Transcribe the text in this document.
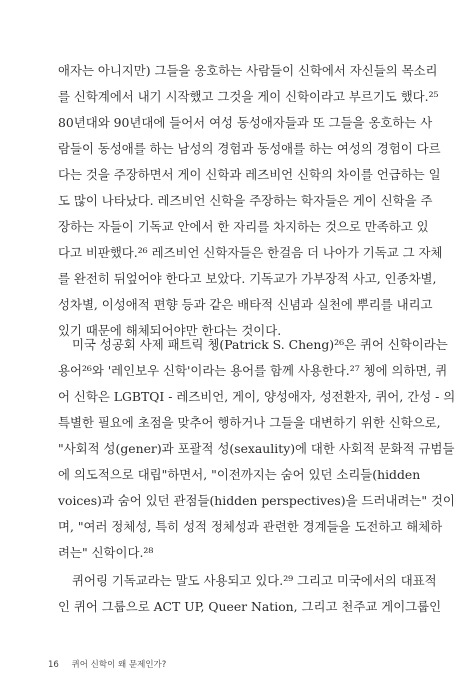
애자는 아니지만) 그들을 옹호하는 사람들이 신학에서 자신들의 목소리
를 신학계에서 내기 시작했고 그것을 게이 신학이라고 부르기도 했다.²⁵
80년대와 90년대에 들어서 여성 동성애자들과 또 그들을 옹호하는 사
람들이 동성애를 하는 남성의 경험과 동성애를 하는 여성의 경험이 다르
다는 것을 주장하면서 게이 신학과 레즈비언 신학의 차이를 언급하는 일
도 많이 나타났다. 레즈비언 신학을 주장하는 학자들은 게이 신학을 주
장하는 자들이 기독교 안에서 한 자리를 차지하는 것으로 만족하고 있
다고 비판했다.²⁶ 레즈비언 신학자들은 한걸음 더 나아가 기독교 그 자체
를 완전히 뒤엎어야 한다고 보았다. 기독교가 가부장적 사고, 인종차별,
성차별, 이성애적 편향 등과 같은 배타적 신념과 실천에 뿌리를 내리고
있기 때문에 해체되어야만 한다는 것이다.
미국 성공회 사제 패트릭 쳉(Patrick S. Cheng)²⁶은 퀴어 신학이라는
용어²⁶와 '레인보우 신학'이라는 용어를 함께 사용한다.²⁷ 쳉에 의하면, 퀴
어 신학은 LGBTQI - 레즈비언, 게이, 양성애자, 성전환자, 퀴어, 간성 - 의
특별한 필요에 초점을 맞추어 행하거나 그들을 대변하기 위한 신학으로,
"사회적 성(gener)과 포괄적 성(sexaulity)에 대한 사회적 문화적 규범들
에 의도적으로 대립"하면서, "이전까지는 숨어 있던 소리들(hidden
voices)과 숨어 있던 관점들(hidden perspectives)을 드러내려는" 것이
며, "여러 정체성, 특히 성적 정체성과 관련한 경계들을 도전하고 해체하
려는" 신학이다.²⁸
퀴어링 기독교라는 말도 사용되고 있다.²⁹ 그리고 미국에서의 대표적
인 퀴어 그룹으로 ACT UP, Queer Nation, 그리고 천주교 게이그룹인
16 퀴어 신학이 왜 문제인가?
